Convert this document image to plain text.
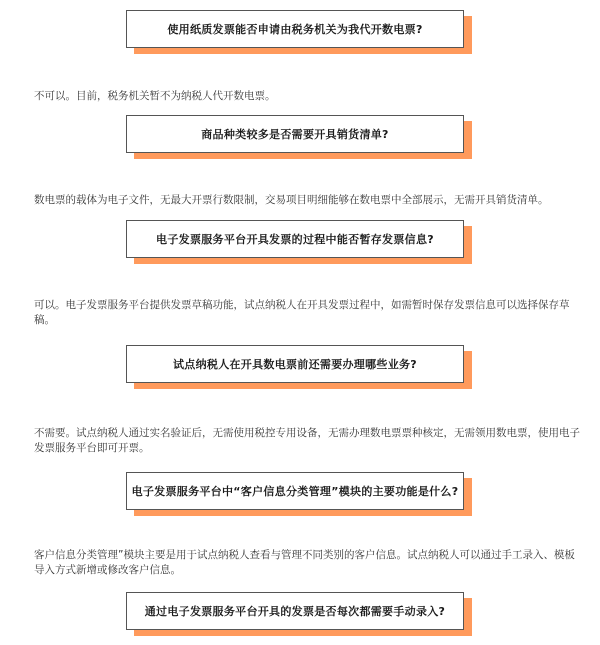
使用纸质发票能否申请由税务机关为我代开数电票?
不可以。目前，税务机关暂不为纳税人代开数电票。
商品种类较多是否需要开具销货清单?
数电票的载体为电子文件，无最大开票行数限制，交易项目明细能够在数电票中全部展示，无需开具销货清单。
电子发票服务平台开具发票的过程中能否暂存发票信息?
可以。电子发票服务平台提供发票草稿功能，试点纳税人在开具发票过程中，如需暂时保存发票信息可以选择保存草稿。
试点纳税人在开具数电票前还需要办理哪些业务?
不需要。试点纳税人通过实名验证后，无需使用税控专用设备，无需办理数电票票种核定，无需领用数电票，使用电子发票服务平台即可开票。
电子发票服务平台中“客户信息分类管理”模块的主要功能是什么?
客户信息分类管理”模块主要是用于试点纳税人查看与管理不同类别的客户信息。试点纳税人可以通过手工录入、模板导入方式新增或修改客户信息。
通过电子发票服务平台开具的发票是否每次都需要手动录入?
